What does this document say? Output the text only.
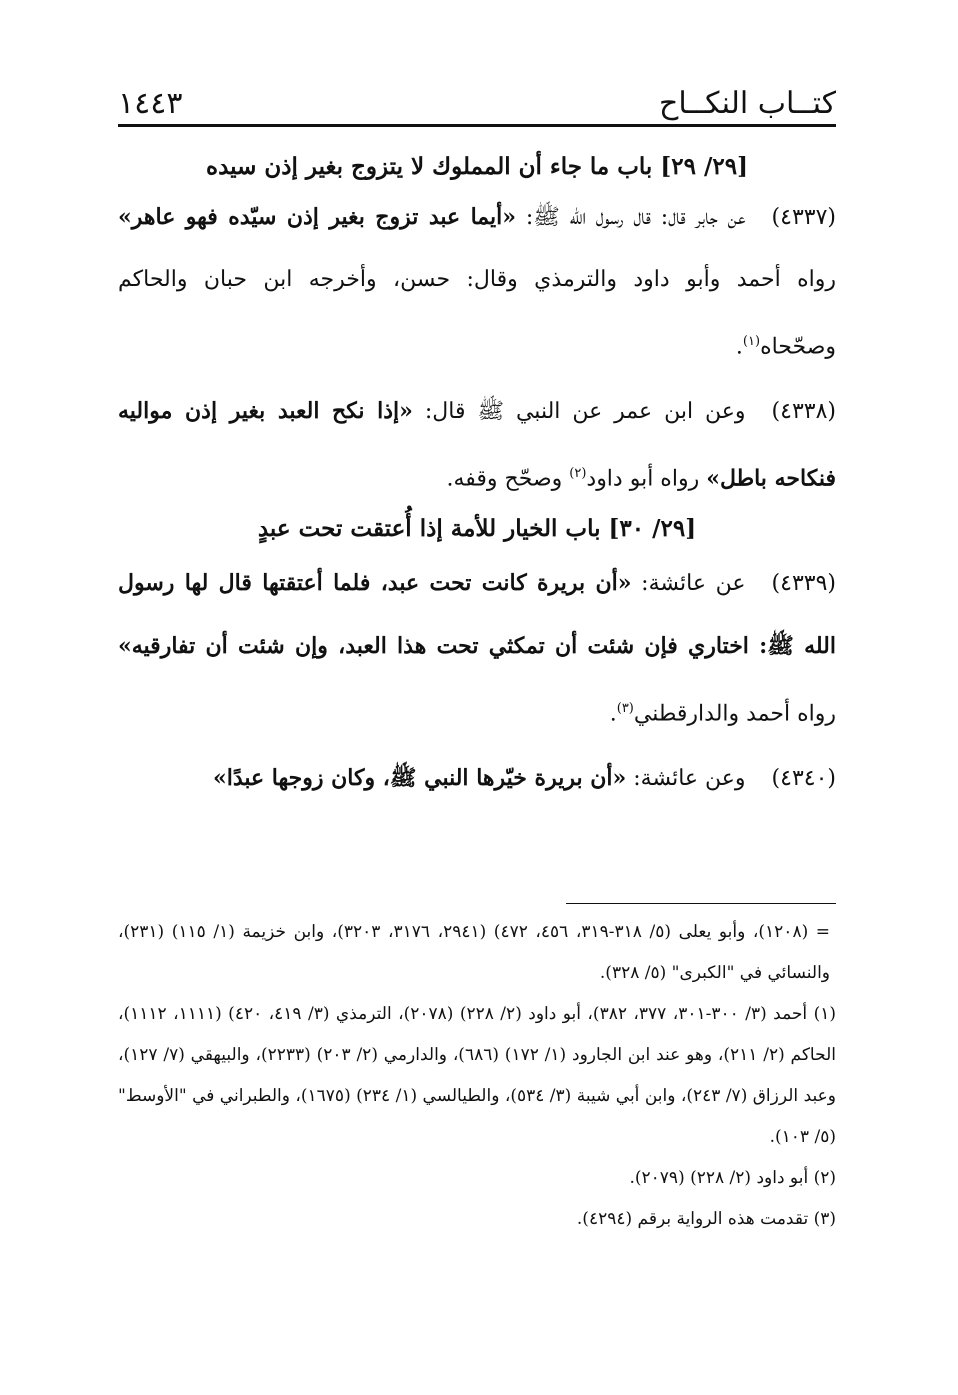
كتــاب النكــاح
١٤٤٣
[٢٩/ ٢٩] باب ما جاء أن المملوك لا يتزوج بغير إذن سيده
(٤٣٣٧)عن جابر قال: قال رسول الله ﷺ: «أيما عبد تزوج بغير إذن سيّده فهو عاهر» رواه أحمد وأبو داود والترمذي وقال: حسن، وأخرجه ابن حبان والحاكم وصحّحاه$^{(١)}$.
(٤٣٣٨)وعن ابن عمر عن النبي ﷺ قال: «إذا نكح العبد بغير إذن مواليه فنكاحه باطل» رواه أبو داود$^{(٢)}$ وصحّح وقفه.
[٢٩/ ٣٠] باب الخيار للأمة إذا أُعتقت تحت عبدٍ
(٤٣٣٩)عن عائشة: «أن بريرة كانت تحت عبد، فلما أعتقتها قال لها رسول الله ﷺ: اختاري فإن شئت أن تمكثي تحت هذا العبد، وإن شئت أن تفارقيه» رواه أحمد والدارقطني$^{(٣)}$.
(٤٣٤٠)وعن عائشة: «أن بريرة خيّرها النبي ﷺ، وكان زوجها عبدًا»

= (١٢٠٨)، وأبو يعلى (٥/ ٣١٨-٣١٩، ٤٥٦، ٤٧٢) (٢٩٤١، ٣١٧٦، ٣٢٠٣)، وابن خزيمة (١/ ١١٥) (٢٣١)، والنسائي في "الكبرى" (٥/ ٣٢٨).

(١) أحمد (٣/ ٣٠٠-٣٠١، ٣٧٧، ٣٨٢)، أبو داود (٢/ ٢٢٨) (٢٠٧٨)، الترمذي (٣/ ٤١٩، ٤٢٠) (١١١١، ١١١٢)، الحاكم (٢/ ٢١١)، وهو عند ابن الجارود (١/ ١٧٢) (٦٨٦)، والدارمي (٢/ ٢٠٣) (٢٢٣٣)، والبيهقي (٧/ ١٢٧)، وعبد الرزاق (٧/ ٢٤٣)، وابن أبي شيبة (٣/ ٥٣٤)، والطيالسي (١/ ٢٣٤) (١٦٧٥)، والطبراني في "الأوسط" (٥/ ١٠٣).

(٢) أبو داود (٢/ ٢٢٨) (٢٠٧٩).

(٣) تقدمت هذه الرواية برقم (٤٢٩٤).
